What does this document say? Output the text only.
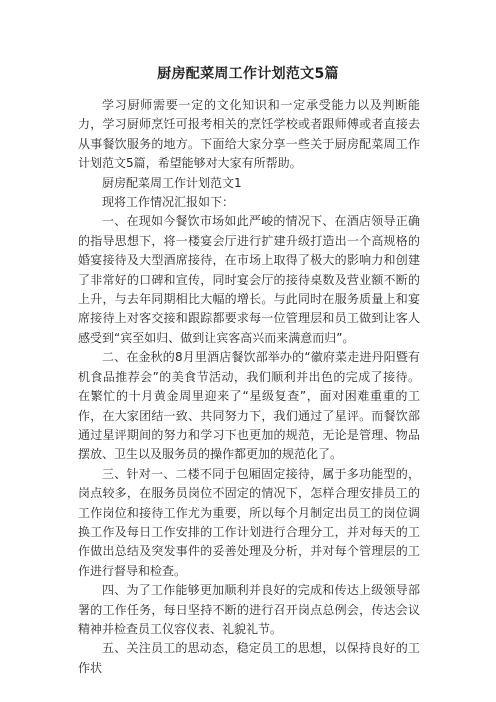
厨房配菜周工作计划范文5篇

学习厨师需要一定的文化知识和一定承受能力以及判断能力，学习厨师烹饪可报考相关的烹饪学校或者跟师傅或者直接去从事餐饮服务的地方。下面给大家分享一些关于厨房配菜周工作计划范文5篇，希望能够对大家有所帮助。

厨房配菜周工作计划范文1

现将工作情况汇报如下：

一、在现如今餐饮市场如此严峻的情况下、在酒店领导正确的指导思想下，将一楼宴会厅进行扩建升级打造出一个高规格的婚宴接待及大型酒席接待，在市场上取得了极大的影响力和创建了非常好的口碑和宣传，同时宴会厅的接待桌数及营业额不断的上升，与去年同期相比大幅的增长。与此同时在服务质量上和宴席接待上对客交接和跟踪都要求每一位管理层和员工做到让客人感受到“宾至如归、做到让宾客高兴而来满意而归”。

二、在金秋的8月里酒店餐饮部举办的“徽府菜走进丹阳暨有机食品推荐会”的美食节活动，我们顺利并出色的完成了接待。在繁忙的十月黄金周里迎来了“星级复查”，面对困难重重的工作，在大家团结一致、共同努力下，我们通过了星评。而餐饮部通过星评期间的努力和学习下也更加的规范，无论是管理、物品摆放、卫生以及服务员的操作都更加的规范化了。

三、针对一、二楼不同于包厢固定接待，属于多功能型的，岗点较多，在服务员岗位不固定的情况下，怎样合理安排员工的工作岗位和接待工作尤为重要，所以每个月制定出员工的岗位调换工作及每日工作安排的工作计划进行合理分工，并对每天的工作做出总结及突发事件的妥善处理及分析，并对每个管理层的工作进行督导和检查。

四、为了工作能够更加顺利并良好的完成和传达上级领导部署的工作任务，每日坚持不断的进行召开岗点总例会，传达会议精神并检查员工仪容仪表、礼貌礼节。

五、关注员工的思动态，稳定员工的思想，以保持良好的工作状
